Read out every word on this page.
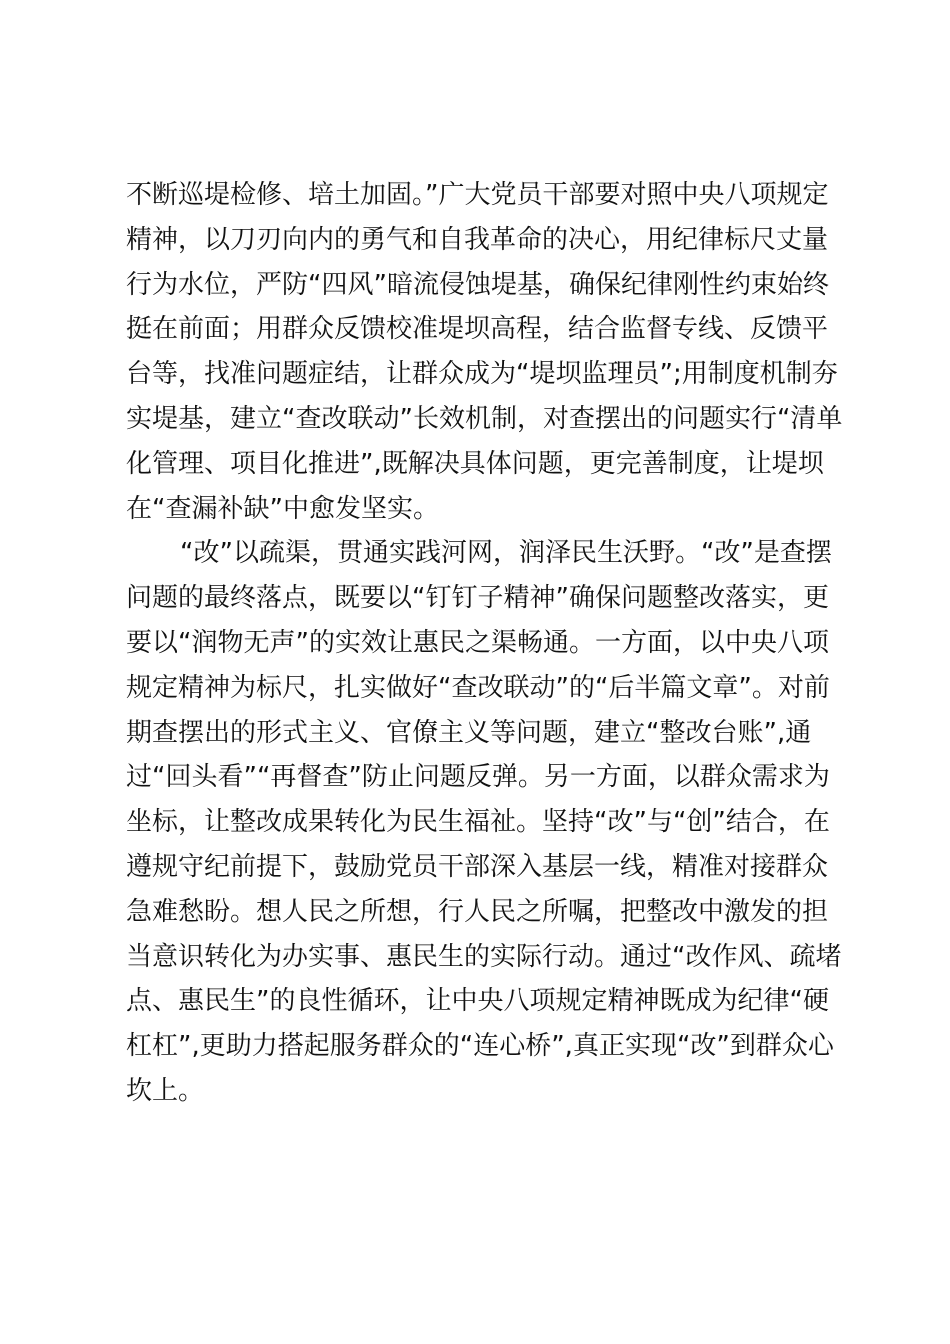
不断巡堤检修、培土加固。”广大党员干部要对照中央八项规定
精神，以刀刃向内的勇气和自我革命的决心，用纪律标尺丈量
行为水位，严防“四风”暗流侵蚀堤基，确保纪律刚性约束始终
挺在前面；用群众反馈校准堤坝高程，结合监督专线、反馈平
台等，找准问题症结，让群众成为“堤坝监理员”;用制度机制夯
实堤基，建立“查改联动”长效机制，对查摆出的问题实行“清单
化管理、项目化推进”,既解决具体问题，更完善制度，让堤坝
在“查漏补缺”中愈发坚实。
“改”以疏渠，贯通实践河网，润泽民生沃野。“改”是查摆
问题的最终落点，既要以“钉钉子精神”确保问题整改落实，更
要以“润物无声”的实效让惠民之渠畅通。一方面，以中央八项
规定精神为标尺，扎实做好“查改联动”的“后半篇文章”。对前
期查摆出的形式主义、官僚主义等问题，建立“整改台账”,通
过“回头看”“再督查”防止问题反弹。另一方面，以群众需求为
坐标，让整改成果转化为民生福祉。坚持“改”与“创”结合，在
遵规守纪前提下，鼓励党员干部深入基层一线，精准对接群众
急难愁盼。想人民之所想，行人民之所嘱，把整改中激发的担
当意识转化为办实事、惠民生的实际行动。通过“改作风、疏堵
点、惠民生”的良性循环，让中央八项规定精神既成为纪律“硬
杠杠”,更助力搭起服务群众的“连心桥”,真正实现“改”到群众心
坎上。
